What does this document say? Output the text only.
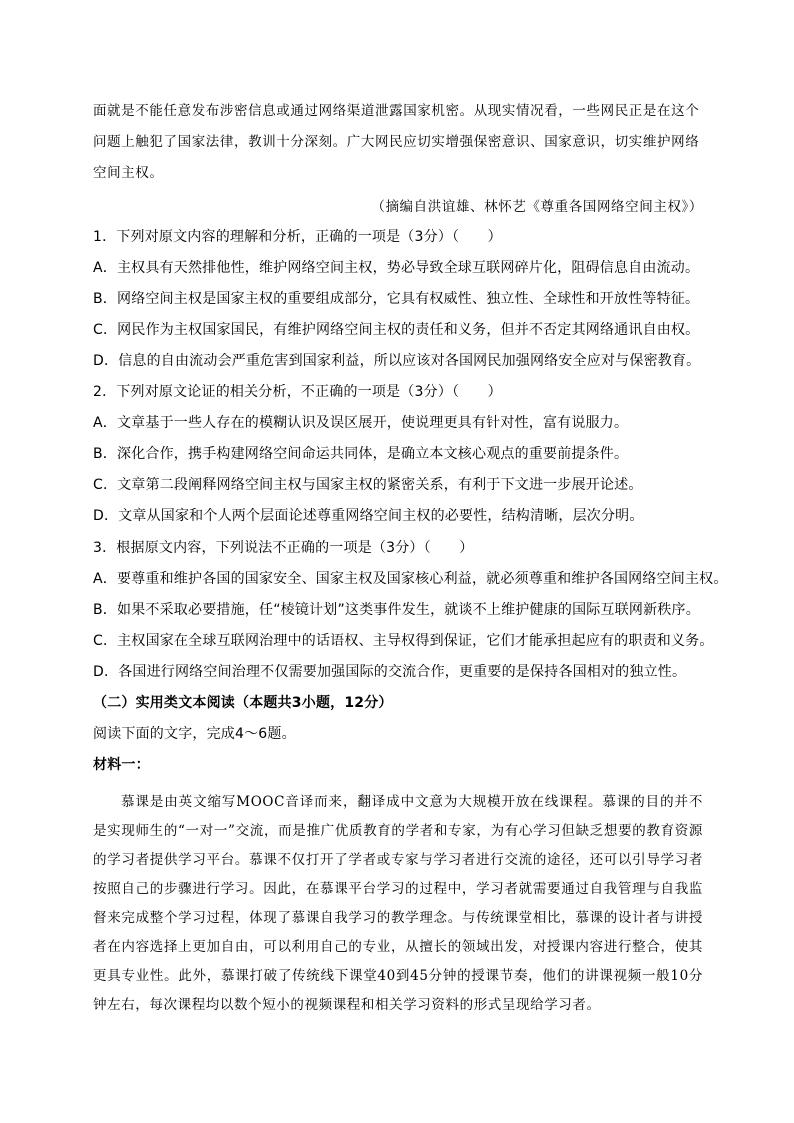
面就是不能任意发布涉密信息或通过网络渠道泄露国家机密。从现实情况看，一些网民正是在这个问题上触犯了国家法律，教训十分深刻。广大网民应切实增强保密意识、国家意识，切实维护网络空间主权。

（摘编自洪谊雄、林怀艺《尊重各国网络空间主权》）

1．下列对原文内容的理解和分析，正确的一项是（3分）（　　）
A．主权具有天然排他性，维护网络空间主权，势必导致全球互联网碎片化，阻碍信息自由流动。
B．网络空间主权是国家主权的重要组成部分，它具有权威性、独立性、全球性和开放性等特征。
C．网民作为主权国家国民，有维护网络空间主权的责任和义务，但并不否定其网络通讯自由权。
D．信息的自由流动会严重危害到国家利益，所以应该对各国网民加强网络安全应对与保密教育。
2．下列对原文论证的相关分析，不正确的一项是（3分）（　　）
A．文章基于一些人存在的模糊认识及误区展开，使说理更具有针对性，富有说服力。
B．深化合作，携手构建网络空间命运共同体，是确立本文核心观点的重要前提条件。
C．文章第二段阐释网络空间主权与国家主权的紧密关系，有利于下文进一步展开论述。
D．文章从国家和个人两个层面论述尊重网络空间主权的必要性，结构清晰，层次分明。
3．根据原文内容，下列说法不正确的一项是（3分）（　　）
A．要尊重和维护各国的国家安全、国家主权及国家核心利益，就必须尊重和维护各国网络空间主权。
B．如果不采取必要措施，任“棱镜计划”这类事件发生，就谈不上维护健康的国际互联网新秩序。
C．主权国家在全球互联网治理中的话语权、主导权得到保证，它们才能承担起应有的职责和义务。
D．各国进行网络空间治理不仅需要加强国际的交流合作，更重要的是保持各国相对的独立性。
（二）实用类文本阅读（本题共3小题，12分）
阅读下面的文字，完成4～6题。
材料一：

慕课是由英文缩写MOOC音译而来，翻译成中文意为大规模开放在线课程。慕课的目的并不是实现师生的“一对一”交流，而是推广优质教育的学者和专家，为有心学习但缺乏想要的教育资源的学习者提供学习平台。慕课不仅打开了学者或专家与学习者进行交流的途径，还可以引导学习者按照自己的步骤进行学习。因此，在慕课平台学习的过程中，学习者就需要通过自我管理与自我监督来完成整个学习过程，体现了慕课自我学习的教学理念。与传统课堂相比，慕课的设计者与讲授者在内容选择上更加自由，可以利用自己的专业，从擅长的领域出发，对授课内容进行整合，使其更具专业性。此外，慕课打破了传统线下课堂40到45分钟的授课节奏，他们的讲课视频一般10分钟左右，每次课程均以数个短小的视频课程和相关学习资料的形式呈现给学习者。
